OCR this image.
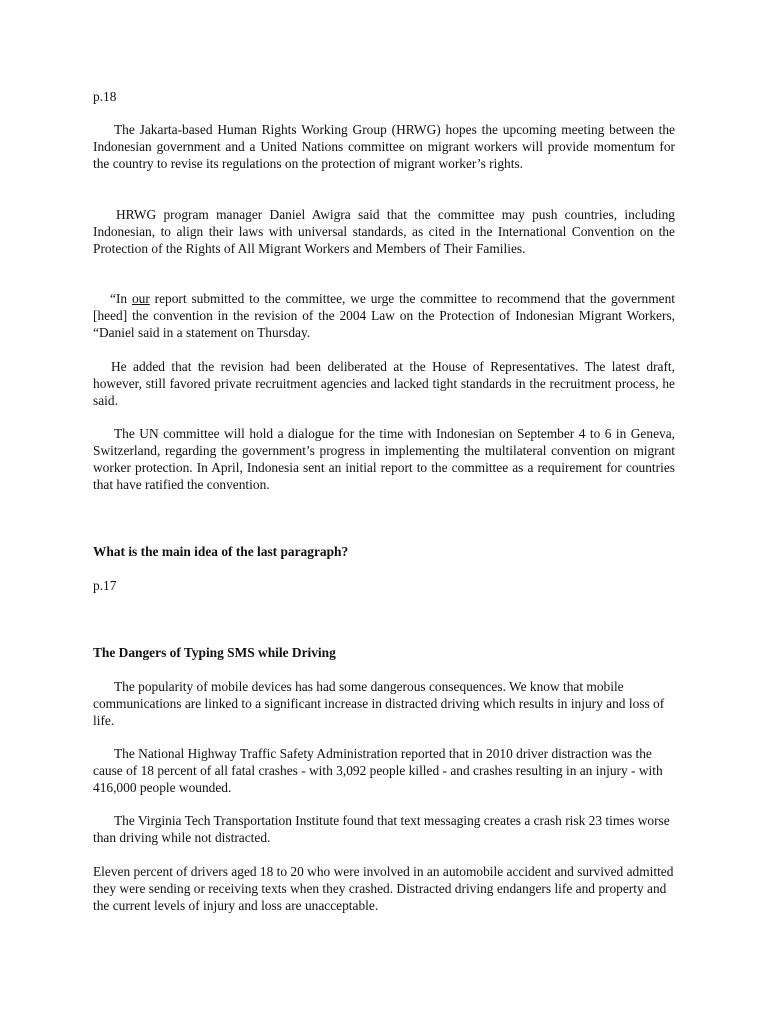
p.18

The Jakarta-based Human Rights Working Group (HRWG) hopes the upcoming meeting between the Indonesian government and a United Nations committee on migrant workers will provide momentum for the country to revise its regulations on the protection of migrant worker’s rights.

HRWG program manager Daniel Awigra said that the committee may push countries, including Indonesian, to align their laws with universal standards, as cited in the International Convention on the Protection of the Rights of All Migrant Workers and Members of Their Families.

“In our report submitted to the committee, we urge the committee to recommend that the government [heed] the convention in the revision of the 2004 Law on the Protection of Indonesian Migrant Workers, “Daniel said in a statement on Thursday.

He added that the revision had been deliberated at the House of Representatives. The latest draft, however, still favored private recruitment agencies and lacked tight standards in the recruitment process, he said.

The UN committee will hold a dialogue for the time with Indonesian on September 4 to 6 in Geneva, Switzerland, regarding the government’s progress in implementing the multilateral convention on migrant worker protection. In April, Indonesia sent an initial report to the committee as a requirement for countries that have ratified the convention.

What is the main idea of the last paragraph?

p.17

The Dangers of Typing SMS while Driving

The popularity of mobile devices has had some dangerous consequences. We know that mobile communications are linked to a significant increase in distracted driving which results in injury and loss of life.

The National Highway Traffic Safety Administration reported that in 2010 driver distraction was the cause of 18 percent of all fatal crashes - with 3,092 people killed - and crashes resulting in an injury - with 416,000 people wounded.

The Virginia Tech Transportation Institute found that text messaging creates a crash risk 23 times worse than driving while not distracted.

Eleven percent of drivers aged 18 to 20 who were involved in an automobile accident and survived admitted they were sending or receiving texts when they crashed. Distracted driving endangers life and property and the current levels of injury and loss are unacceptable.
